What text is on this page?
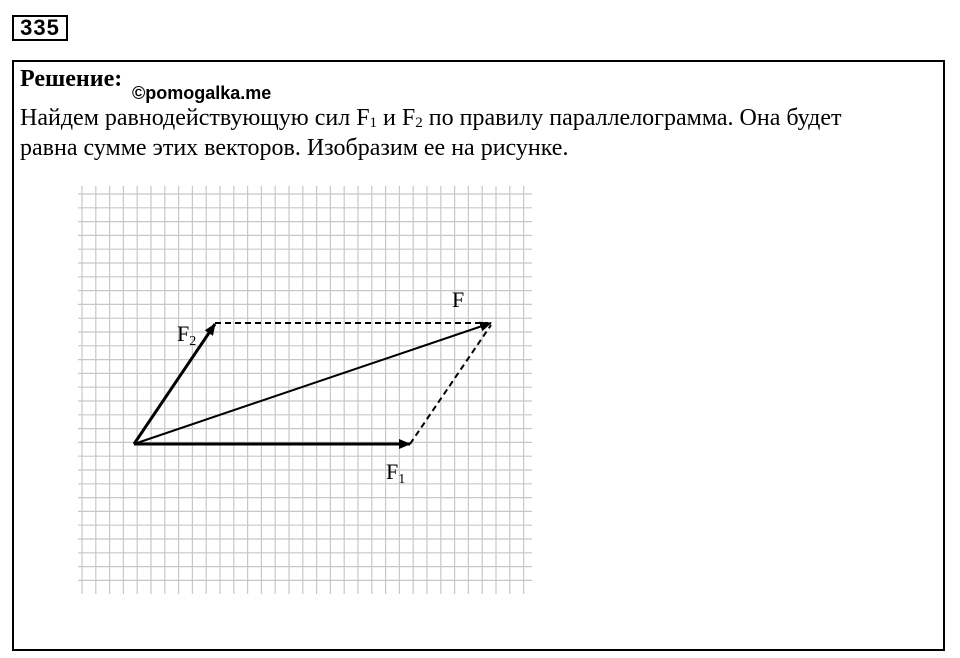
335
Решение:
©pomogalka.me
Найдем равнодействующую сил $F_1$ и $F_2$ по правилу параллелограмма. Она будет равна сумме этих векторов. Изобразим ее на рисунке.
F
F1
F2
